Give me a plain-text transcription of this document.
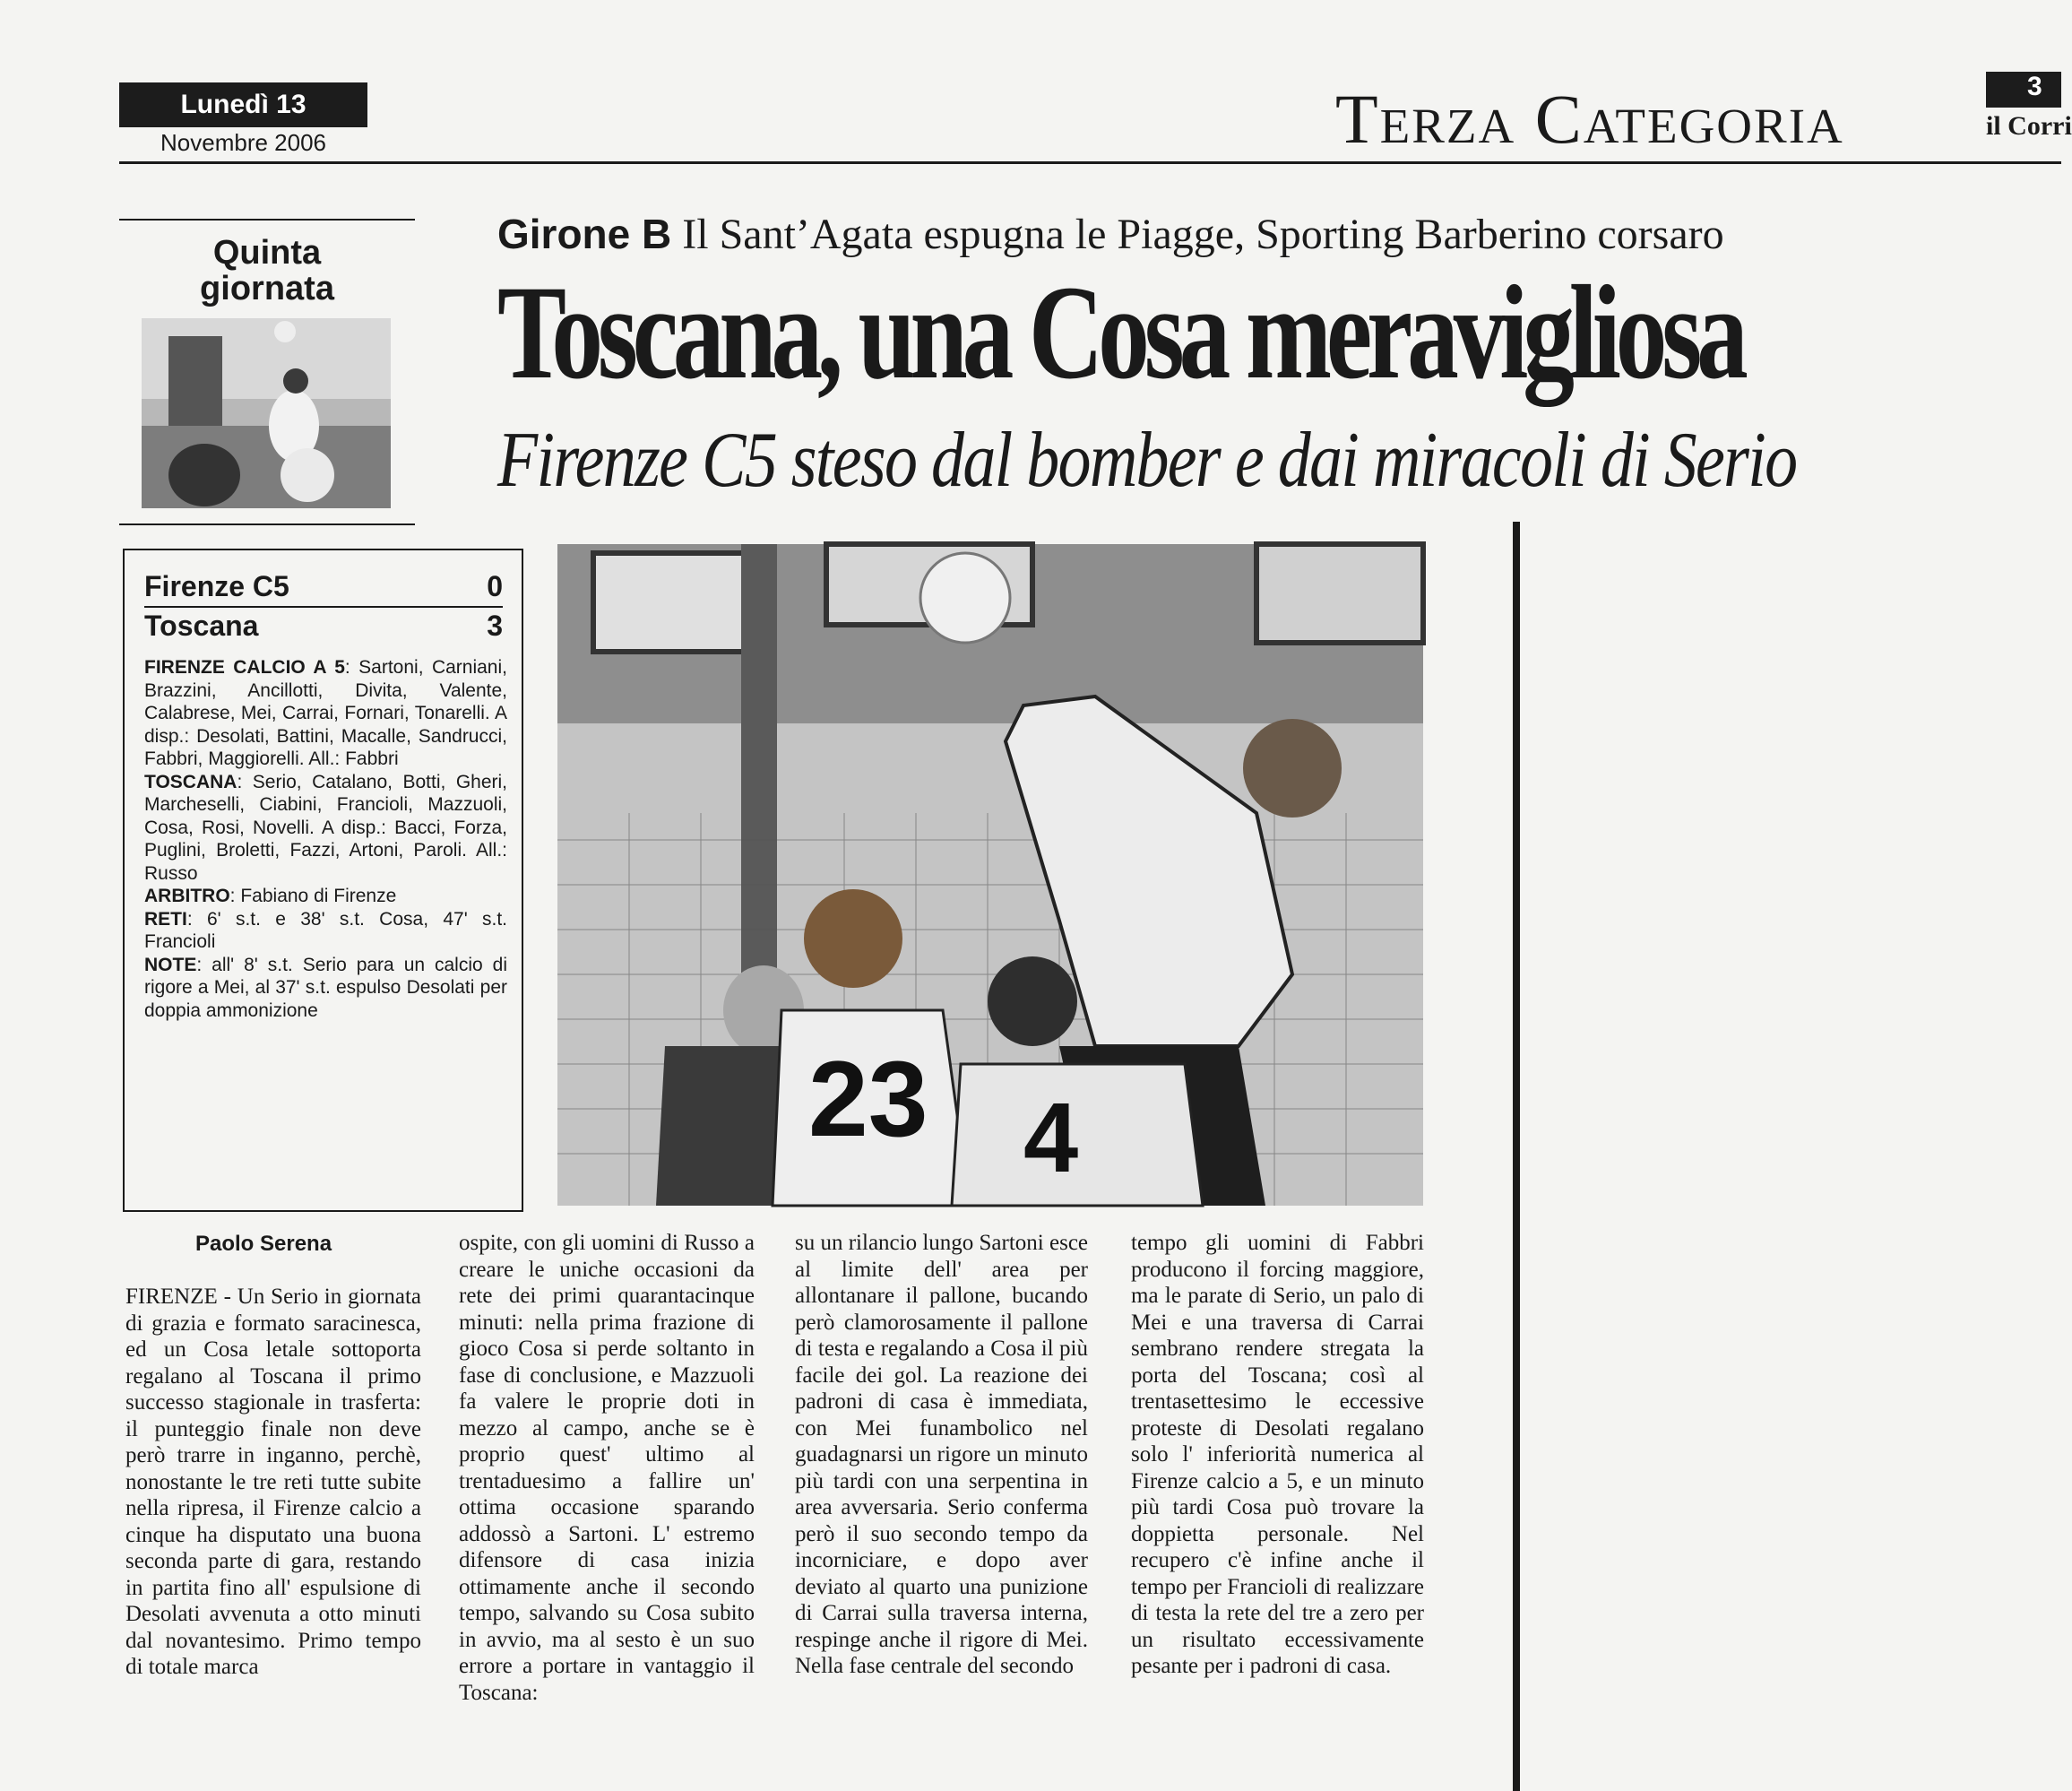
Lunedì 13
Novembre 2006	Terza Categoria	3
il Corri
Quinta
giornata
Girone B Il Sant’Agata espugna le Piagge, Sporting Barberino corsaro
Toscana, una Cosa meravigliosa
Firenze C5 steso dal bomber e dai miracoli di Serio
Firenze C5	0
Toscana	3
FIRENZE CALCIO A 5: Sartoni, Carniani, Brazzini, Ancillotti, Divita, Valente, Calabrese, Mei, Carrai, Fornari, Tonarelli. A disp.: Desolati, Battini, Macalle, Sandrucci, Fabbri, Maggiorelli. All.: Fabbri
TOSCANA: Serio, Catalano, Botti, Gheri, Marcheselli, Ciabini, Francioli, Mazzuoli, Cosa, Rosi, Novelli. A disp.: Bacci, Forza, Puglini, Broletti, Fazzi, Artoni, Paroli. All.: Russo
ARBITRO: Fabiano di Firenze
RETI: 6' s.t. e 38' s.t. Cosa, 47' s.t. Francioli
NOTE: all' 8' s.t. Serio para un calcio di rigore a Mei, al 37' s.t. espulso Desolati per doppia ammonizione
23 4
Paolo Serena
FIRENZE - Un Serio in giornata di grazia e formato saracinesca, ed un Cosa letale sottoporta regalano al Toscana il primo successo stagionale in trasferta: il punteggio finale non deve però trarre in inganno, perchè, nonostante le tre reti tutte subite nella ripresa, il Firenze calcio a cinque ha disputato una buona seconda parte di gara, restando in partita fino all' espulsione di Desolati avvenuta a otto minuti dal novantesimo. Primo tempo di totale marca
ospite, con gli uomini di Russo a creare le uniche occasioni da rete dei primi quarantacinque minuti: nella prima frazione di gioco Cosa si perde soltanto in fase di conclusione, e Mazzuoli fa valere le proprie doti in mezzo al campo, anche se è proprio quest' ultimo al trentaduesimo a fallire un' ottima occasione sparando addossò a Sartoni. L' estremo difensore di casa inizia ottimamente anche il secondo tempo, salvando su Cosa subito in avvio, ma al sesto è un suo errore a portare in vantaggio il Toscana:
su un rilancio lungo Sartoni esce al limite dell' area per allontanare il pallone, bucando però clamorosamente il pallone di testa e regalando a Cosa il più facile dei gol. La reazione dei padroni di casa è immediata, con Mei funambolico nel guadagnarsi un rigore un minuto più tardi con una serpentina in area avversaria. Serio conferma però il suo secondo tempo da incorniciare, e dopo aver deviato al quarto una punizione di Carrai sulla traversa interna, respinge anche il rigore di Mei. Nella fase centrale del secondo
tempo gli uomini di Fabbri producono il forcing maggiore, ma le parate di Serio, un palo di Mei e una traversa di Carrai sembrano rendere stregata la porta del Toscana; così al trentasettesimo le eccessive proteste di Desolati regalano solo l' inferiorità numerica al Firenze calcio a 5, e un minuto più tardi Cosa può trovare la doppietta personale. Nel recupero c'è infine anche il tempo per Francioli di realizzare di testa la rete del tre a zero per un risultato eccessivamente pesante per i padroni di casa.
